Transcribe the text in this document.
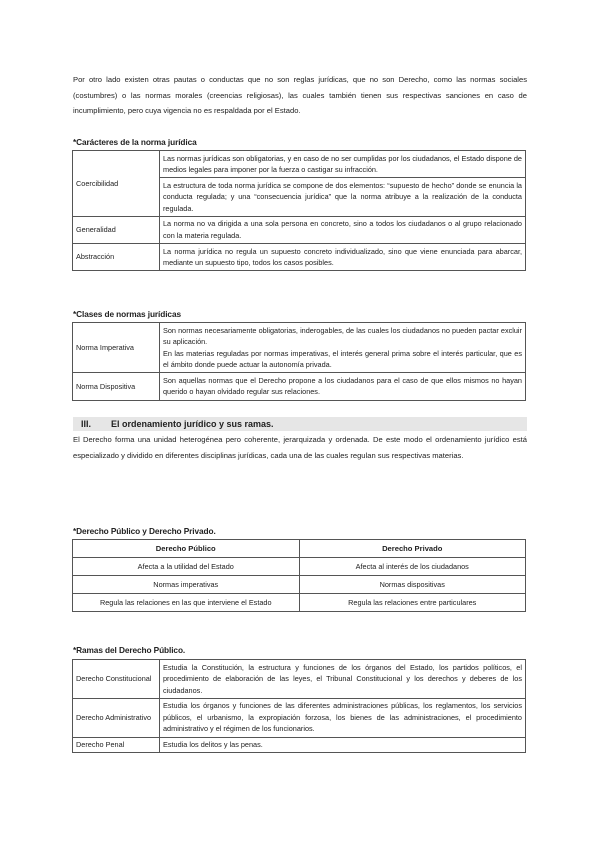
Por otro lado existen otras pautas o conductas que no son reglas jurídicas, que no son Derecho, como las normas sociales (costumbres) o las normas morales (creencias religiosas), las cuales también tienen sus respectivas sanciones en caso de incumplimiento, pero cuya vigencia no es respaldada por el Estado.

*Carácteres de la norma jurídica

Coercibilidad	Las normas jurídicas son obligatorias, y en caso de no ser cumplidas por los ciudadanos, el Estado dispone de medios legales para imponer por la fuerza o castigar su infracción.
	La estructura de toda norma jurídica se compone de dos elementos: “supuesto de hecho” donde se enuncia la conducta regulada; y una “consecuencia jurídica” que la norma atribuye a la realización de la conducta regulada.
Generalidad	La norma no va dirigida a una sola persona en concreto, sino a todos los ciudadanos o al grupo relacionado con la materia regulada.
Abstracción	La norma jurídica no regula un supuesto concreto individualizado, sino que viene enunciada para abarcar, mediante un supuesto tipo, todos los casos posibles.

*Clases de normas jurídicas

Norma Imperativa	Son normas necesariamente obligatorias, inderogables, de las cuales los ciudadanos no pueden pactar excluir su aplicación.
En las materias reguladas por normas imperativas, el interés general prima sobre el interés particular, que es el ámbito donde puede actuar la autonomía privada.

Norma Dispositiva	Son aquellas normas que el Derecho propone a los ciudadanos para el caso de que ellos mismos no hayan querido o hayan olvidado regular sus relaciones.
III. El ordenamiento jurídico y sus ramas.

El Derecho forma una unidad heterogénea pero coherente, jerarquizada y ordenada. De este modo el ordenamiento jurídico está especializado y dividido en diferentes disciplinas jurídicas, cada una de las cuales regulan sus respectivas materias.

*Derecho Público y Derecho Privado.

Derecho Público	Derecho Privado
Afecta a la utilidad del Estado	Afecta al interés de los ciudadanos
Normas imperativas	Normas dispositivas
Regula las relaciones en las que interviene el Estado	Regula las relaciones entre particulares

*Ramas del Derecho Público.

Derecho Constitucional	Estudia la Constitución, la estructura y funciones de los órganos del Estado, los partidos políticos, el procedimiento de elaboración de las leyes, el Tribunal Constitucional y los derechos y deberes de los ciudadanos.
Derecho Administrativo	Estudia los órganos y funciones de las diferentes administraciones públicas, los reglamentos, los servicios públicos, el urbanismo, la expropiación forzosa, los bienes de las administraciones, el procedimiento administrativo y el régimen de los funcionarios.
Derecho Penal	Estudia los delitos y las penas.
